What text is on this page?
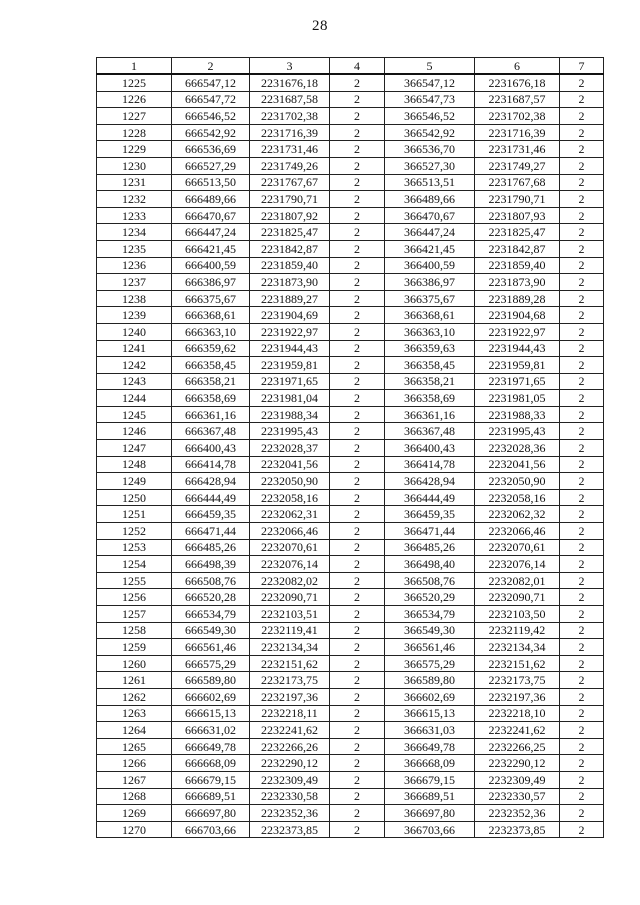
28
1	2	3	4	5	6	7
1225	666547,12	2231676,18	2	366547,12	2231676,18	2
1226	666547,72	2231687,58	2	366547,73	2231687,57	2
1227	666546,52	2231702,38	2	366546,52	2231702,38	2
1228	666542,92	2231716,39	2	366542,92	2231716,39	2
1229	666536,69	2231731,46	2	366536,70	2231731,46	2
1230	666527,29	2231749,26	2	366527,30	2231749,27	2
1231	666513,50	2231767,67	2	366513,51	2231767,68	2
1232	666489,66	2231790,71	2	366489,66	2231790,71	2
1233	666470,67	2231807,92	2	366470,67	2231807,93	2
1234	666447,24	2231825,47	2	366447,24	2231825,47	2
1235	666421,45	2231842,87	2	366421,45	2231842,87	2
1236	666400,59	2231859,40	2	366400,59	2231859,40	2
1237	666386,97	2231873,90	2	366386,97	2231873,90	2
1238	666375,67	2231889,27	2	366375,67	2231889,28	2
1239	666368,61	2231904,69	2	366368,61	2231904,68	2
1240	666363,10	2231922,97	2	366363,10	2231922,97	2
1241	666359,62	2231944,43	2	366359,63	2231944,43	2
1242	666358,45	2231959,81	2	366358,45	2231959,81	2
1243	666358,21	2231971,65	2	366358,21	2231971,65	2
1244	666358,69	2231981,04	2	366358,69	2231981,05	2
1245	666361,16	2231988,34	2	366361,16	2231988,33	2
1246	666367,48	2231995,43	2	366367,48	2231995,43	2
1247	666400,43	2232028,37	2	366400,43	2232028,36	2
1248	666414,78	2232041,56	2	366414,78	2232041,56	2
1249	666428,94	2232050,90	2	366428,94	2232050,90	2
1250	666444,49	2232058,16	2	366444,49	2232058,16	2
1251	666459,35	2232062,31	2	366459,35	2232062,32	2
1252	666471,44	2232066,46	2	366471,44	2232066,46	2
1253	666485,26	2232070,61	2	366485,26	2232070,61	2
1254	666498,39	2232076,14	2	366498,40	2232076,14	2
1255	666508,76	2232082,02	2	366508,76	2232082,01	2
1256	666520,28	2232090,71	2	366520,29	2232090,71	2
1257	666534,79	2232103,51	2	366534,79	2232103,50	2
1258	666549,30	2232119,41	2	366549,30	2232119,42	2
1259	666561,46	2232134,34	2	366561,46	2232134,34	2
1260	666575,29	2232151,62	2	366575,29	2232151,62	2
1261	666589,80	2232173,75	2	366589,80	2232173,75	2
1262	666602,69	2232197,36	2	366602,69	2232197,36	2
1263	666615,13	2232218,11	2	366615,13	2232218,10	2
1264	666631,02	2232241,62	2	366631,03	2232241,62	2
1265	666649,78	2232266,26	2	366649,78	2232266,25	2
1266	666668,09	2232290,12	2	366668,09	2232290,12	2
1267	666679,15	2232309,49	2	366679,15	2232309,49	2
1268	666689,51	2232330,58	2	366689,51	2232330,57	2
1269	666697,80	2232352,36	2	366697,80	2232352,36	2
1270	666703,66	2232373,85	2	366703,66	2232373,85	2
